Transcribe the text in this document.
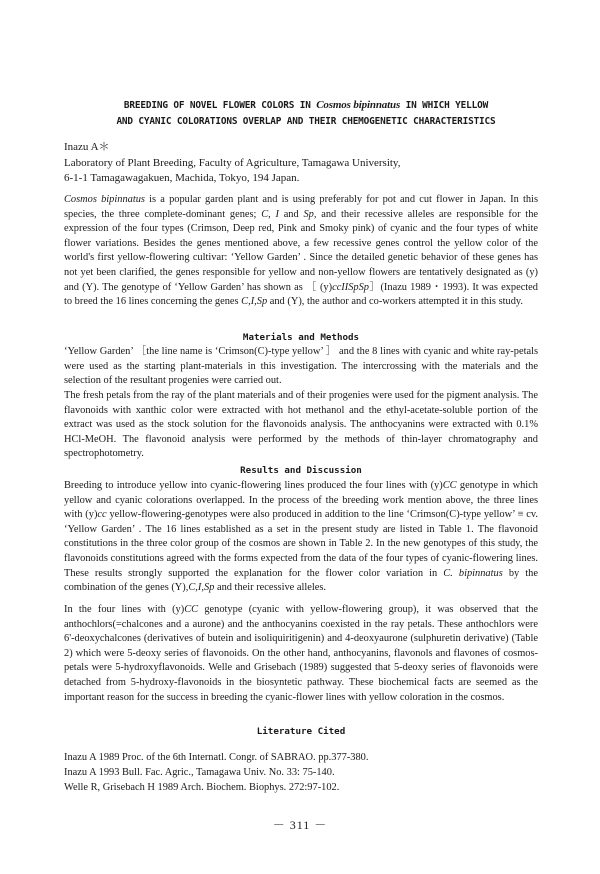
BREEDING OF NOVEL FLOWER COLORS IN Cosmos bipinnatus IN WHICH YELLOW
AND CYANIC COLORATIONS OVERLAP AND THEIR CHEMOGENETIC CHARACTERISTICS
Inazu A＊
Laboratory of Plant Breeding, Faculty of Agriculture, Tamagawa University,
6-1-1 Tamagawagakuen, Machida, Tokyo, 194 Japan.

Cosmos bipinnatus is a popular garden plant and is using preferably for pot and cut flower in Japan. In this species, the three complete-dominant genes; C, I and Sp, and their recessive alleles are responsible for the expression of the four types (Crimson, Deep red, Pink and Smoky pink) of cyanic and the four types of white flower variations. Besides the genes mentioned above, a few recessive genes control the yellow color of the world's first yellow-flowering cultivar: ‘Yellow Garden’ . Since the detailed genetic behavior of these genes has not yet been clarified, the genes responsible for yellow and non-yellow flowers are tentatively designated as (y) and (Y). The genotype of ‘Yellow Garden’ has shown as ［ (y)ccIISpSp］(Inazu 1989・1993). It was expected to breed the 16 lines concerning the genes C,I,Sp and (Y), the author and co-workers attempted it in this study.

Materials and Methods

‘Yellow Garden’ ［the line name is ‘Crimson(C)-type yellow’ ］ and the 8 lines with cyanic and white ray-petals were used as the starting plant-materials in this investigation. The intercrossing with the materials and the selection of the resultant progenies were carried out.

The fresh petals from the ray of the plant materials and of their progenies were used for the pigment analysis. The flavonoids with xanthic color were extracted with hot methanol and the ethyl-acetate-soluble portion of the extract was used as the stock solution for the flavonoids analysis. The anthocyanins were extracted with 0.1% HCl-MeOH. The flavonoid analysis were performed by the methods of thin-layer chromatography and spectrophotometry.

Results and Discussion

Breeding to introduce yellow into cyanic-flowering lines produced the four lines with (y)CC genotype in which yellow and cyanic colorations overlapped. In the process of the breeding work mention above, the three lines with (y)cc yellow-flowering-genotypes were also produced in addition to the line ‘Crimson(C)-type yellow’ ≡ cv. ‘Yellow Garden’ . The 16 lines established as a set in the present study are listed in Table 1. The flavonoid constitutions in the three color group of the cosmos are shown in Table 2. In the new genotypes of this study, the flavonoids constitutions agreed with the forms expected from the data of the four types of cyanic-flowering lines. These results strongly supported the explanation for the flower color variation in C. bipinnatus by the combination of the genes (Y),C,I,Sp and their recessive alleles.

In the four lines with (y)CC genotype (cyanic with yellow-flowering group), it was observed that the anthochlors(=chalcones and a aurone) and the anthocyanins coexisted in the ray petals. These anthochlors were 6'-deoxychalcones (derivatives of butein and isoliquiritigenin) and 4-deoxyaurone (sulphuretin derivative) (Table 2) which were 5-deoxy series of flavonoids. On the other hand, anthocyanins, flavonols and flavones of cosmos-petals were 5-hydroxyflavonoids. Welle and Grisebach (1989) suggested that 5-deoxy series of flavonoids were detached from 5-hydroxy-flavonoids in the biosyntetic pathway. These biochemical facts are seemed as the important reason for the success in breeding the cyanic-flower lines with yellow coloration in the cosmos.

Literature Cited
Inazu A 1989 Proc. of the 6th Internatl. Congr. of SABRAO. pp.377-380.
Inazu A 1993 Bull. Fac. Agric., Tamagawa Univ. No. 33: 75-140.
Welle R, Grisebach H 1989 Arch. Biochem. Biophys. 272:97-102.
－ 311 －
